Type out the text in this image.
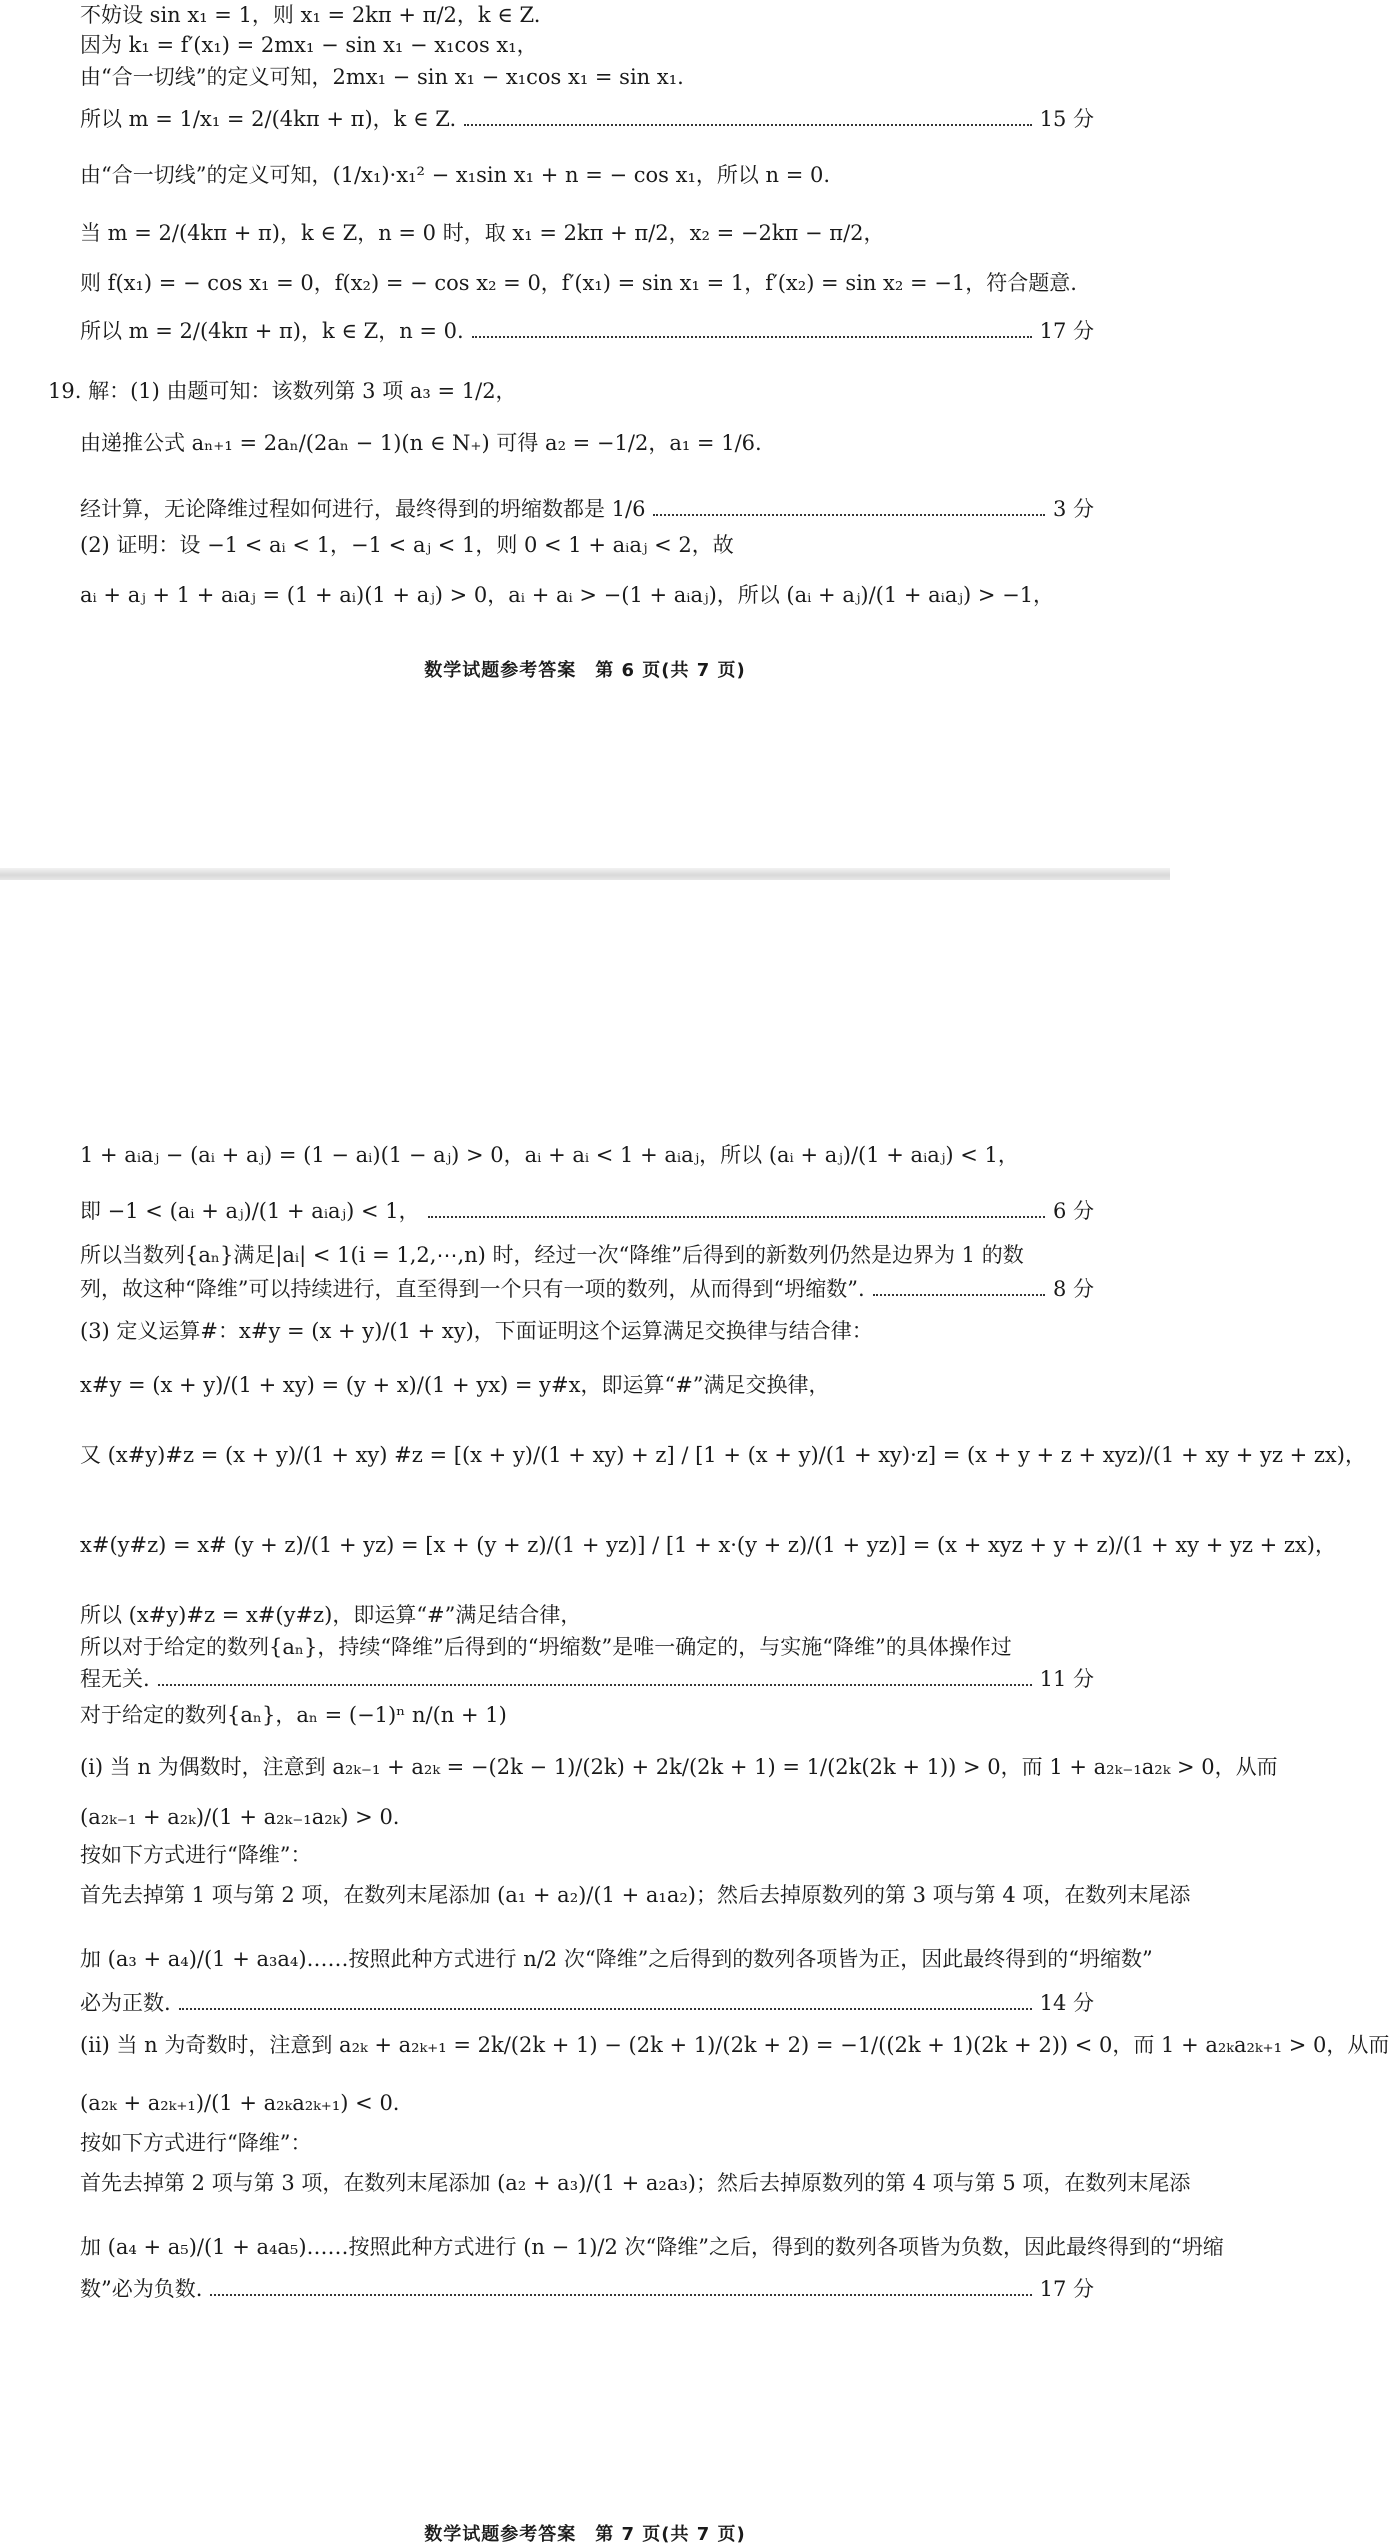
不妨设 sin x₁ = 1，则 x₁ = 2kπ + π/2，k ∈ Z.
因为 k₁ = f′(x₁) = 2mx₁ − sin x₁ − x₁cos x₁，
由“合一切线”的定义可知，2mx₁ − sin x₁ − x₁cos x₁ = sin x₁.
所以 m = 1/x₁ = 2/(4kπ + π)，k ∈ Z.	15 分
由“合一切线”的定义可知，(1/x₁)·x₁² − x₁sin x₁ + n = − cos x₁，所以 n = 0.
当 m = 2/(4kπ + π)，k ∈ Z，n = 0 时，取 x₁ = 2kπ + π/2，x₂ = −2kπ − π/2，
则 f(x₁) = − cos x₁ = 0，f(x₂) = − cos x₂ = 0，f′(x₁) = sin x₁ = 1，f′(x₂) = sin x₂ = −1，符合题意.
所以 m = 2/(4kπ + π)，k ∈ Z，n = 0.	17 分
19. 解：(1) 由题可知：该数列第 3 项 a₃ = 1/2，
由递推公式 aₙ₊₁ = 2aₙ/(2aₙ − 1)(n ∈ N₊) 可得 a₂ = −1/2，a₁ = 1/6.
经计算，无论降维过程如何进行，最终得到的坍缩数都是 1/6	3 分
(2) 证明：设 −1 < aᵢ < 1，−1 < aⱼ < 1，则 0 < 1 + aᵢaⱼ < 2，故
aᵢ + aⱼ + 1 + aᵢaⱼ = (1 + aᵢ)(1 + aⱼ) > 0，aᵢ + aᵢ > −(1 + aᵢaⱼ)，所以 (aᵢ + aⱼ)/(1 + aᵢaⱼ) > −1，
数学试题参考答案　第 6 页(共 7 页)
1 + aᵢaⱼ − (aᵢ + aⱼ) = (1 − aᵢ)(1 − aⱼ) > 0，aᵢ + aᵢ < 1 + aᵢaⱼ，所以 (aᵢ + aⱼ)/(1 + aᵢaⱼ) < 1，
即 −1 < (aᵢ + aⱼ)/(1 + aᵢaⱼ) < 1，	6 分
所以当数列{aₙ}满足|aᵢ| < 1(i = 1,2,⋯,n) 时，经过一次“降维”后得到的新数列仍然是边界为 1 的数
列，故这种“降维”可以持续进行，直至得到一个只有一项的数列，从而得到“坍缩数”.	8 分
(3) 定义运算#：x#y = (x + y)/(1 + xy)，下面证明这个运算满足交换律与结合律：
x#y = (x + y)/(1 + xy) = (y + x)/(1 + yx) = y#x，即运算“#”满足交换律，
又 (x#y)#z = (x + y)/(1 + xy) #z = [(x + y)/(1 + xy) + z] / [1 + (x + y)/(1 + xy)·z] = (x + y + z + xyz)/(1 + xy + yz + zx)，
x#(y#z) = x# (y + z)/(1 + yz) = [x + (y + z)/(1 + yz)] / [1 + x·(y + z)/(1 + yz)] = (x + xyz + y + z)/(1 + xy + yz + zx)，
所以 (x#y)#z = x#(y#z)，即运算“#”满足结合律，
所以对于给定的数列{aₙ}，持续“降维”后得到的“坍缩数”是唯一确定的，与实施“降维”的具体操作过
程无关.	11 分
对于给定的数列{aₙ}，aₙ = (−1)ⁿ n/(n + 1)
(ⅰ) 当 n 为偶数时，注意到 a₂ₖ₋₁ + a₂ₖ = −(2k − 1)/(2k) + 2k/(2k + 1) = 1/(2k(2k + 1)) > 0，而 1 + a₂ₖ₋₁a₂ₖ > 0，从而
(a₂ₖ₋₁ + a₂ₖ)/(1 + a₂ₖ₋₁a₂ₖ) > 0.
按如下方式进行“降维”：
首先去掉第 1 项与第 2 项，在数列末尾添加 (a₁ + a₂)/(1 + a₁a₂)；然后去掉原数列的第 3 项与第 4 项，在数列末尾添
加 (a₃ + a₄)/(1 + a₃a₄)……按照此种方式进行 n/2 次“降维”之后得到的数列各项皆为正，因此最终得到的“坍缩数”
必为正数.	14 分
(ⅱ) 当 n 为奇数时，注意到 a₂ₖ + a₂ₖ₊₁ = 2k/(2k + 1) − (2k + 1)/(2k + 2) = −1/((2k + 1)(2k + 2)) < 0，而 1 + a₂ₖa₂ₖ₊₁ > 0，从而
(a₂ₖ + a₂ₖ₊₁)/(1 + a₂ₖa₂ₖ₊₁) < 0.
按如下方式进行“降维”：
首先去掉第 2 项与第 3 项，在数列末尾添加 (a₂ + a₃)/(1 + a₂a₃)；然后去掉原数列的第 4 项与第 5 项，在数列末尾添
加 (a₄ + a₅)/(1 + a₄a₅)……按照此种方式进行 (n − 1)/2 次“降维”之后，得到的数列各项皆为负数，因此最终得到的“坍缩
数”必为负数.	17 分
数学试题参考答案　第 7 页(共 7 页)
